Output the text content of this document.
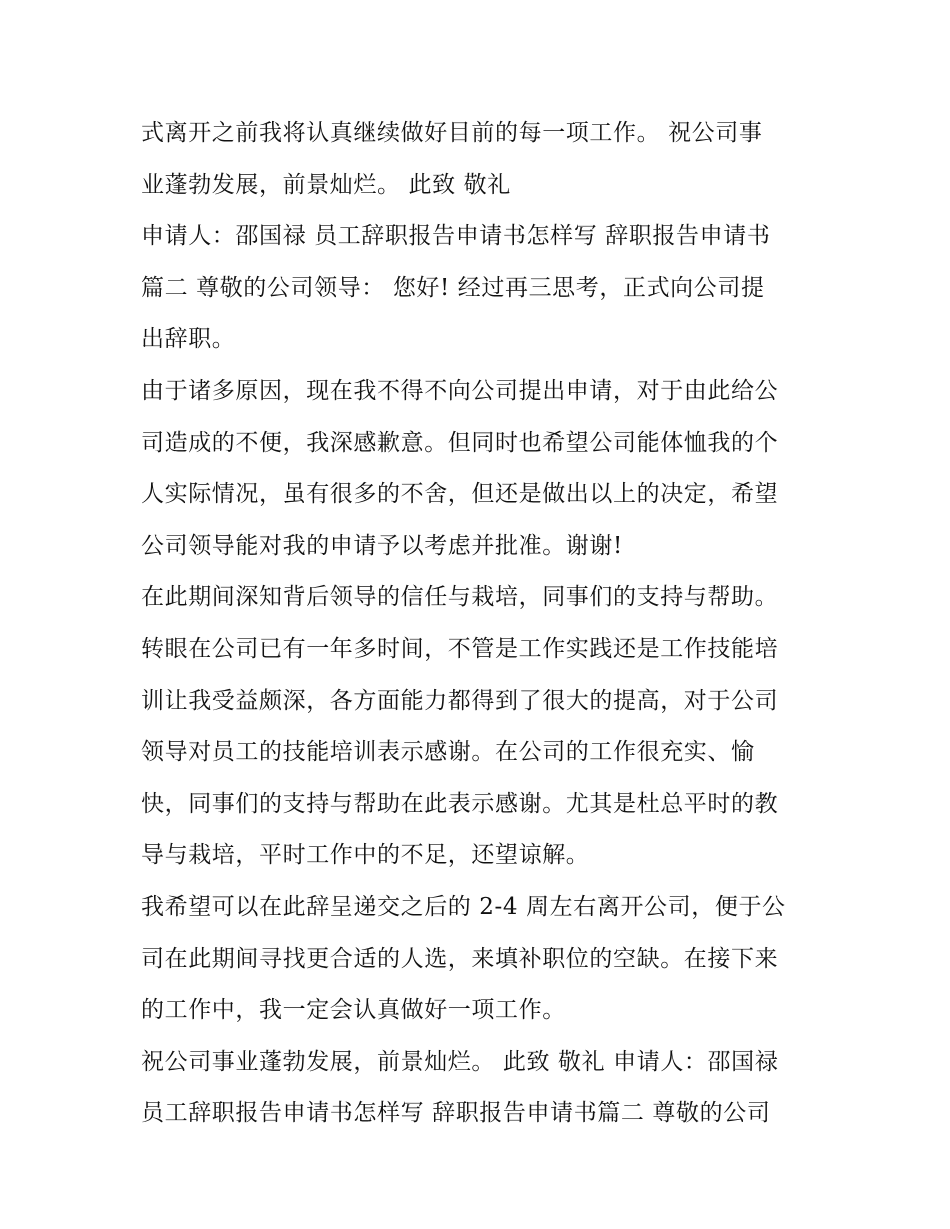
式离开之前我将认真继续做好目前的每一项工作。 祝公司事
业蓬勃发展，前景灿烂。 此致 敬礼
申请人：邵国禄 员工辞职报告申请书怎样写 辞职报告申请书
篇二 尊敬的公司领导： 您好! 经过再三思考，正式向公司提
出辞职。
由于诸多原因，现在我不得不向公司提出申请，对于由此给公
司造成的不便，我深感歉意。但同时也希望公司能体恤我的个
人实际情况，虽有很多的不舍，但还是做出以上的决定，希望
公司领导能对我的申请予以考虑并批准。谢谢!
在此期间深知背后领导的信任与栽培，同事们的支持与帮助。
转眼在公司已有一年多时间，不管是工作实践还是工作技能培
训让我受益颇深，各方面能力都得到了很大的提高，对于公司
领导对员工的技能培训表示感谢。在公司的工作很充实、愉
快，同事们的支持与帮助在此表示感谢。尤其是杜总平时的教
导与栽培，平时工作中的不足，还望谅解。
我希望可以在此辞呈递交之后的 2-4 周左右离开公司，便于公
司在此期间寻找更合适的人选，来填补职位的空缺。在接下来
的工作中，我一定会认真做好一项工作。
祝公司事业蓬勃发展，前景灿烂。 此致 敬礼 申请人：邵国禄
员工辞职报告申请书怎样写 辞职报告申请书篇二 尊敬的公司
